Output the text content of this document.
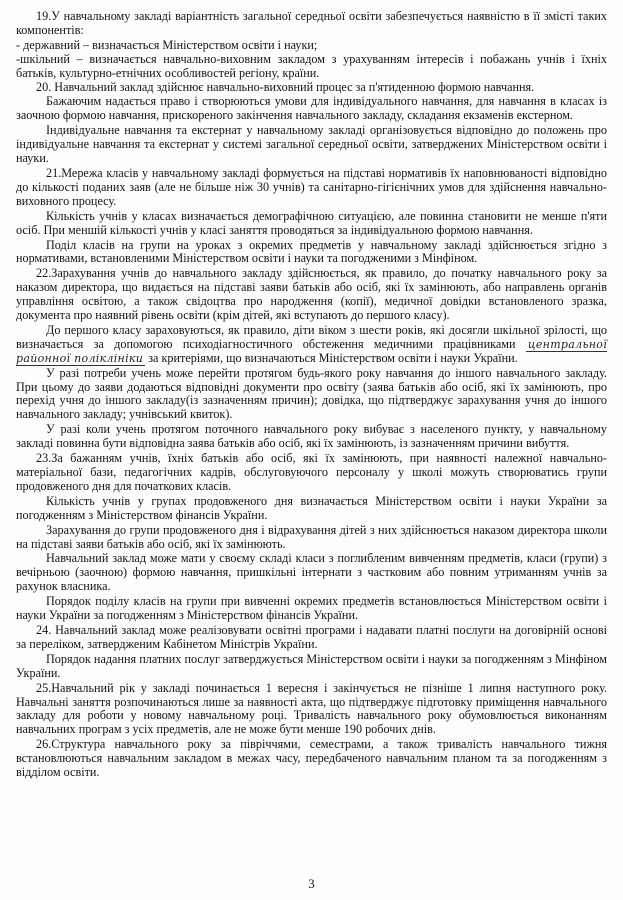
19.У навчальному закладі варіантність загальної середньої освіти забезпечується наявністю в її змісті таких компонентів:

- державний – визначається Міністерством освіти і науки;

-шкільний – визначається навчально-виховним закладом з урахуванням інтересів і побажань учнів і їхніх батьків, культурно-етнічних особливостей регіону, країни.

20. Навчальний заклад здійснює навчально-виховний процес за п'ятиденною формою навчання.

Бажаючим надається право і створюються умови для індивідуального навчання, для навчання в класах із заочною формою навчання, прискореного закінчення навчального закладу, складання екзаменів екстерном.

Індивідуальне навчання та екстернат у навчальному закладі організовується відповідно до положень про індивідуальне навчання та екстернат у системі загальної середньої освіти, затверджених Міністерством освіти і науки.

21.Мережа класів у навчальному закладі формується на підставі нормативів їх наповнюваності відповідно до кількості поданих заяв (але не більше ніж 30 учнів) та санітарно-гігієнічних умов для здійснення навчально-виховного процесу.

Кількість учнів у класах визначається демографічною ситуацією, але повинна становити не менше п'яти осіб. При меншій кількості учнів у класі заняття проводяться за індивідуальною формою навчання.

Поділ класів на групи на уроках з окремих предметів у навчальному закладі здійснюється згідно з нормативами, встановленими Міністерством освіти і науки та погодженими з Мінфіном.

22.Зарахування учнів до навчального закладу здійснюється, як правило, до початку навчального року за наказом директора, що видається на підставі заяви батьків або осіб, які їх замінюють, або направлень органів управління освітою, а також свідоцтва про народження (копії), медичної довідки встановленого зразка, документа про наявний рівень освіти (крім дітей, які вступають до першого класу).

До першого класу зараховуються, як правило, діти віком з шести років, які досягли шкільної зрілості, що визначається за допомогою психодіагностичного обстеження медичними працівниками центральної районної поліклініки за критеріями, що визначаються Міністерством освіти і науки України.

У разі потреби учень може перейти протягом будь-якого року навчання до іншого навчального закладу. При цьому до заяви додаються відповідні документи про освіту (заява батьків або осіб, які їх замінюють, про перехід учня до іншого закладу(із зазначенням причин); довідка, що підтверджує зарахування учня до іншого навчального закладу; учнівський квиток).

У разі коли учень протягом поточного навчального року вибуває з населеного пункту, у навчальному закладі повинна бути відповідна заява батьків або осіб, які їх замінюють, із зазначенням причини вибуття.

23.За бажанням учнів, їхніх батьків або осіб, які їх замінюють, при наявності належної навчально-матеріальної бази, педагогічних кадрів, обслуговуючого персоналу у школі можуть створюватись групи продовженого дня для початкових класів.

Кількість учнів у групах продовженого дня визначається Міністерством освіти і науки України за погодженням з Міністерством фінансів України.

Зарахування до групи продовженого дня і відрахування дітей з них здійснюється наказом директора школи на підставі заяви батьків або осіб, які їх замінюють.

Навчальний заклад може мати у своєму складі класи з поглибленим вивченням предметів, класи (групи) з вечірньою (заочною) формою навчання, пришкільні інтернати з частковим або повним утриманням учнів за рахунок власника.

Порядок поділу класів на групи при вивченні окремих предметів встановлюється Міністерством освіти і науки України за погодженням з Міністерством фінансів України.

24. Навчальний заклад може реалізовувати освітні програми і надавати платні послуги на договірній основі за переліком, затвердженим Кабінетом Міністрів України.

Порядок надання платних послуг затверджується Міністерством освіти і науки за погодженням з Мінфіном України.

25.Навчальний рік у закладі починається 1 вересня і закінчується не пізніше 1 липня наступного року. Навчальні заняття розпочинаються лише за наявності акта, що підтверджує підготовку приміщення навчального закладу для роботи у новому навчальному році. Тривалість навчального року обумовлюється виконанням навчальних програм з усіх предметів, але не може бути менше 190 робочих днів.

26.Структура навчального року за півріччями, семестрами, а також тривалість навчального тижня встановлюються навчальним закладом в межах часу, передбаченого навчальним планом та за погодженням з відділом освіти.

3
